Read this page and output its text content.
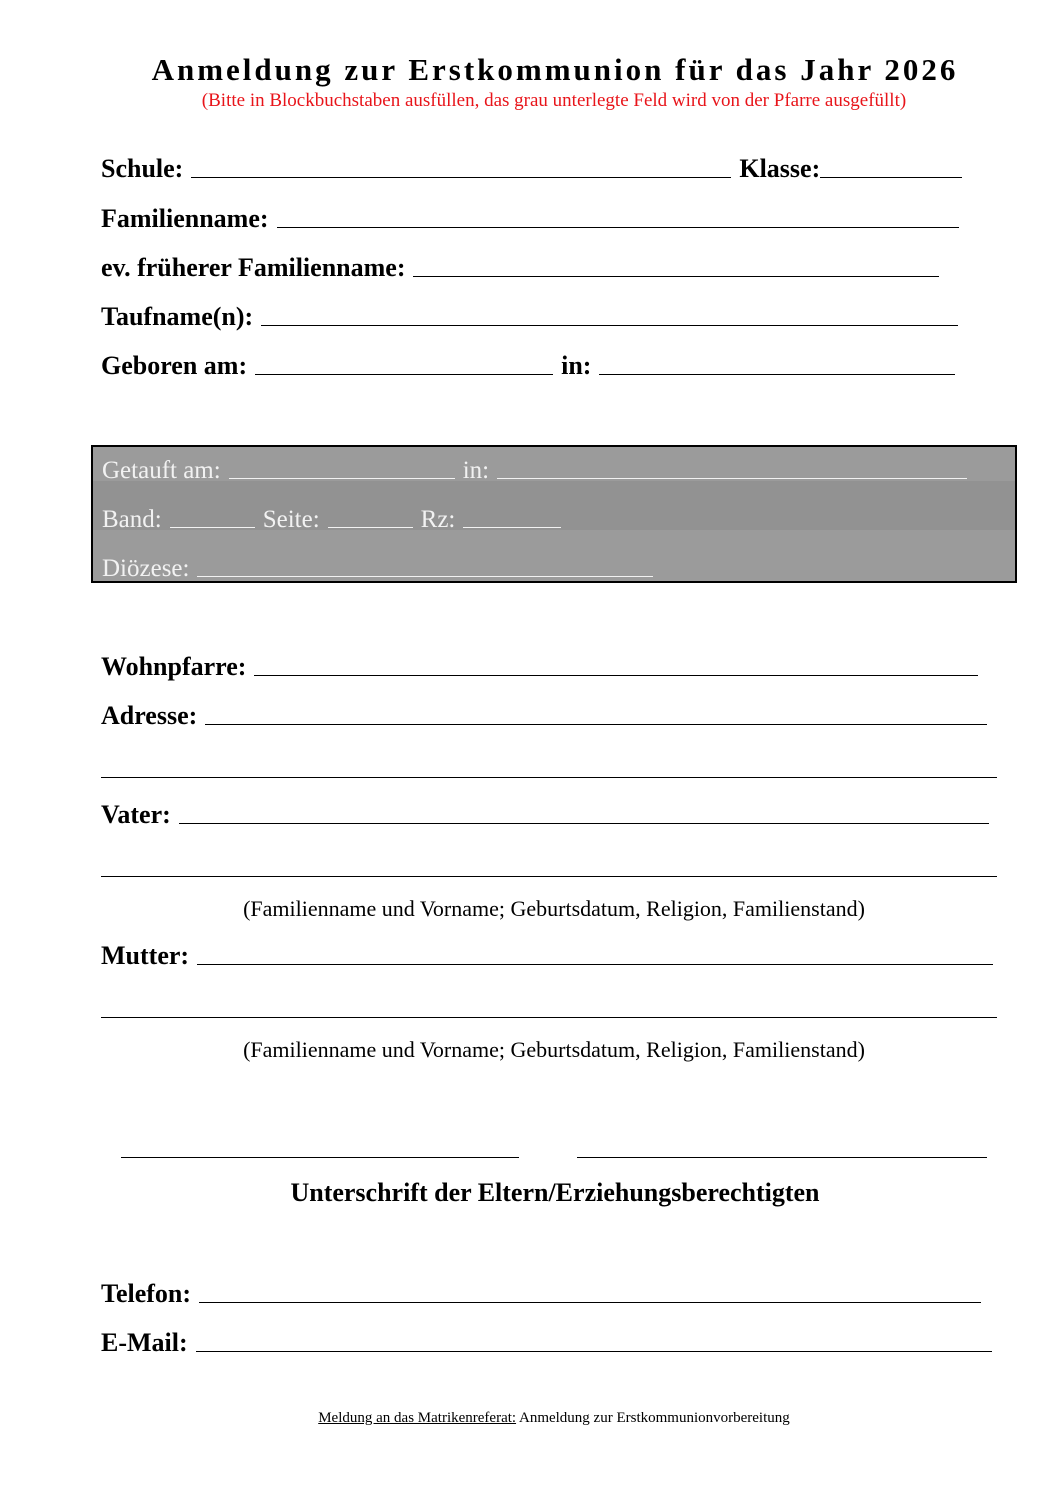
Anmeldung zur Erstkommunion für das Jahr 2026
(Bitte in Blockbuchstaben ausfüllen, das grau unterlegte Feld wird von der Pfarre ausgefüllt)
Schule:	Klasse:
Familienname:
ev. früherer Familienname:
Taufname(n):
Geboren am:	in:
Getauft am:	in:
Band:	Seite:	Rz:
Diözese:
Wohnpfarre:
Adresse:
Vater:
(Familienname und Vorname; Geburtsdatum, Religion, Familienstand)
Mutter:
(Familienname und Vorname; Geburtsdatum, Religion, Familienstand)
Unterschrift der Eltern/Erziehungsberechtigten
Telefon:
E-Mail:
Meldung an das Matrikenreferat: Anmeldung zur Erstkommunionvorbereitung
